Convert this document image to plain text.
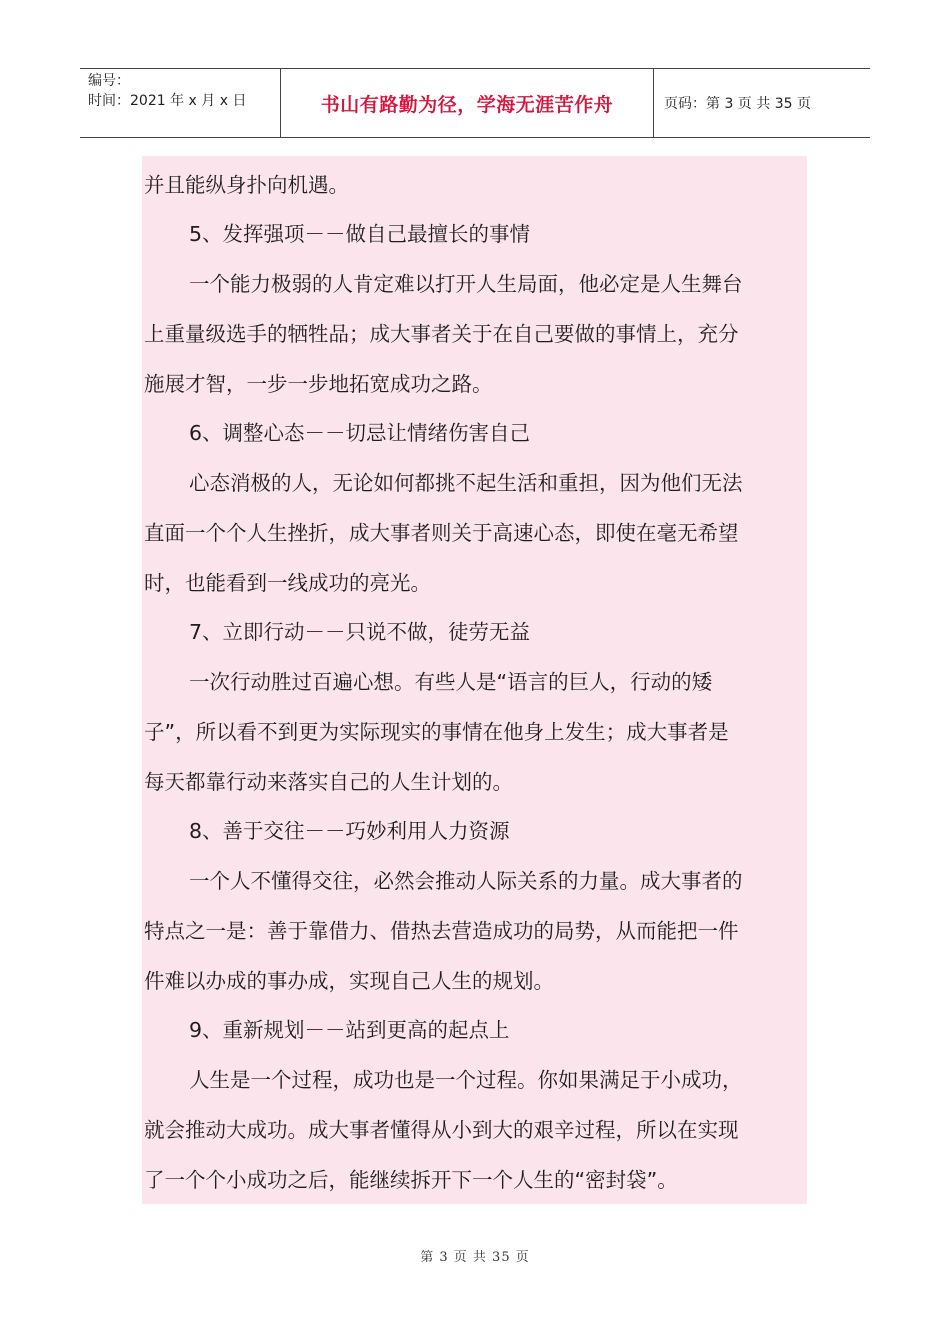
编号：
时间：2021 年 x 月 x 日	书山有路勤为径，学海无涯苦作舟	页码：第 3 页 共 35 页
并且能纵身扑向机遇。
5、发挥强项－－做自己最擅长的事情
一个能力极弱的人肯定难以打开人生局面，他必定是人生舞台
上重量级选手的牺牲品；成大事者关于在自己要做的事情上，充分
施展才智，一步一步地拓宽成功之路。
6、调整心态－－切忌让情绪伤害自己
心态消极的人，无论如何都挑不起生活和重担，因为他们无法
直面一个个人生挫折，成大事者则关于高速心态，即使在毫无希望
时，也能看到一线成功的亮光。
7、立即行动－－只说不做，徒劳无益
一次行动胜过百遍心想。有些人是“语言的巨人，行动的矮
子”，所以看不到更为实际现实的事情在他身上发生；成大事者是
每天都靠行动来落实自己的人生计划的。
8、善于交往－－巧妙利用人力资源
一个人不懂得交往，必然会推动人际关系的力量。成大事者的
特点之一是：善于靠借力、借热去营造成功的局势，从而能把一件
件难以办成的事办成，实现自己人生的规划。
9、重新规划－－站到更高的起点上
人生是一个过程，成功也是一个过程。你如果满足于小成功，
就会推动大成功。成大事者懂得从小到大的艰辛过程，所以在实现
了一个个小成功之后，能继续拆开下一个人生的“密封袋”。
第 3 页 共 35 页
